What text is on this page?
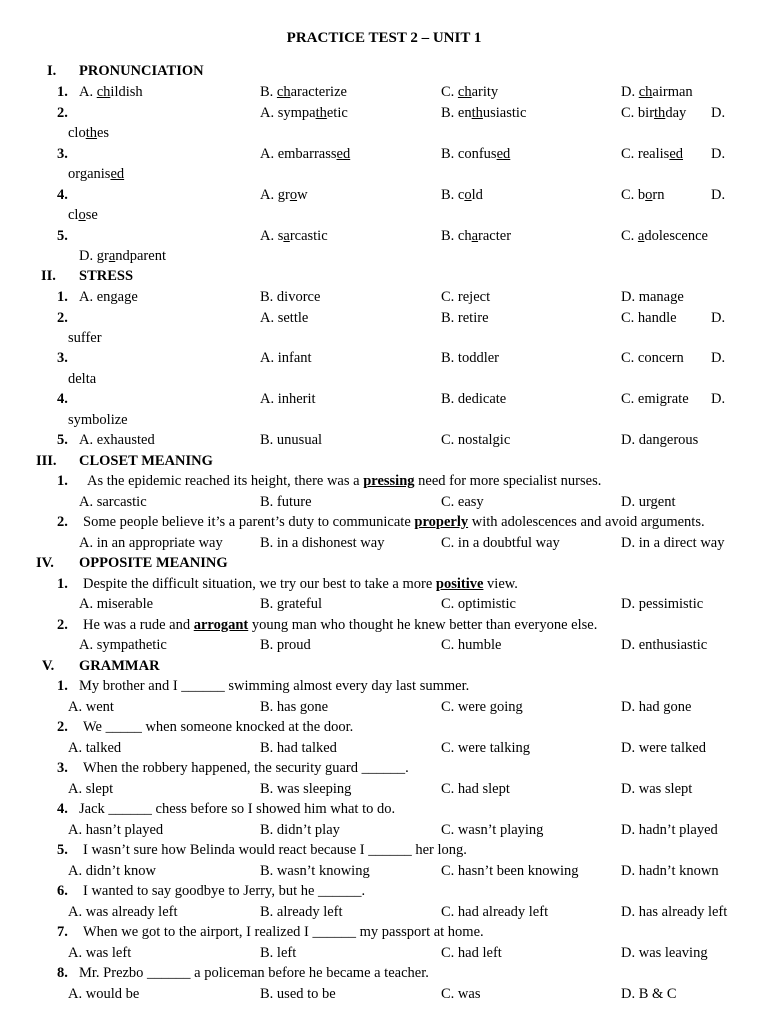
PRACTICE TEST 2 – UNIT 1
I. PRONUNCIATION
1. A. childish	B. characterize	C. charity	D. chairman
2.	A. sympathetic	B. enthusiastic	C. birthday D.
clothes
3.	A. embarrassed	B. confused	C. realised D.
organised
4.	A. grow	B. cold	C. born	D.
close
5.	A. sarcastic	B. character	C. adolescence
D. grandparent
II. STRESS
1. A. engage	B. divorce	C. reject	D. manage
2.	A. settle	B. retire	C. handle D.
suffer
3.	A. infant	B. toddler	C. concern D.
delta
4.	A. inherit	B. dedicate	C. emigrate D.
symbolize
5. A. exhausted	B. unusual	C. nostalgic	D. dangerous
III. CLOSET MEANING
1. As the epidemic reached its height, there was a pressing need for more specialist nurses.
A. sarcastic	B. future	C. easy	D. urgent
2. Some people believe it’s a parent’s duty to communicate properly with adolescences and avoid arguments.
A. in an appropriate way	B. in a dishonest way	C. in a doubtful way	D. in a direct way
IV. OPPOSITE MEANING
1. Despite the difficult situation, we try our best to take a more positive view.
A. miserable	B. grateful	C. optimistic	D. pessimistic
2. He was a rude and arrogant young man who thought he knew better than everyone else.
A. sympathetic	B. proud	C. humble	D. enthusiastic
V. GRAMMAR
1. My brother and I ______ swimming almost every day last summer.
A. went	B. has gone	C. were going	D. had gone
2. We _____ when someone knocked at the door.
A. talked	B. had talked	C. were talking	D. were talked
3. When the robbery happened, the security guard ______.
A. slept	B. was sleeping	C. had slept	D. was slept
4. Jack ______ chess before so I showed him what to do.
A. hasn’t played	B. didn’t play	C. wasn’t playing	D. hadn’t played
5. I wasn’t sure how Belinda would react because I ______ her long.
A. didn’t know	B. wasn’t knowing	C. hasn’t been knowing	D. hadn’t known
6. I wanted to say goodbye to Jerry, but he ______.
A. was already left	B. already left	C. had already left	D. has already left
7. When we got to the airport, I realized I ______ my passport at home.
A. was left	B. left	C. had left	D. was leaving
8. Mr. Prezbo ______ a policeman before he became a teacher.
A. would be	B. used to be	C. was	D. B & C
